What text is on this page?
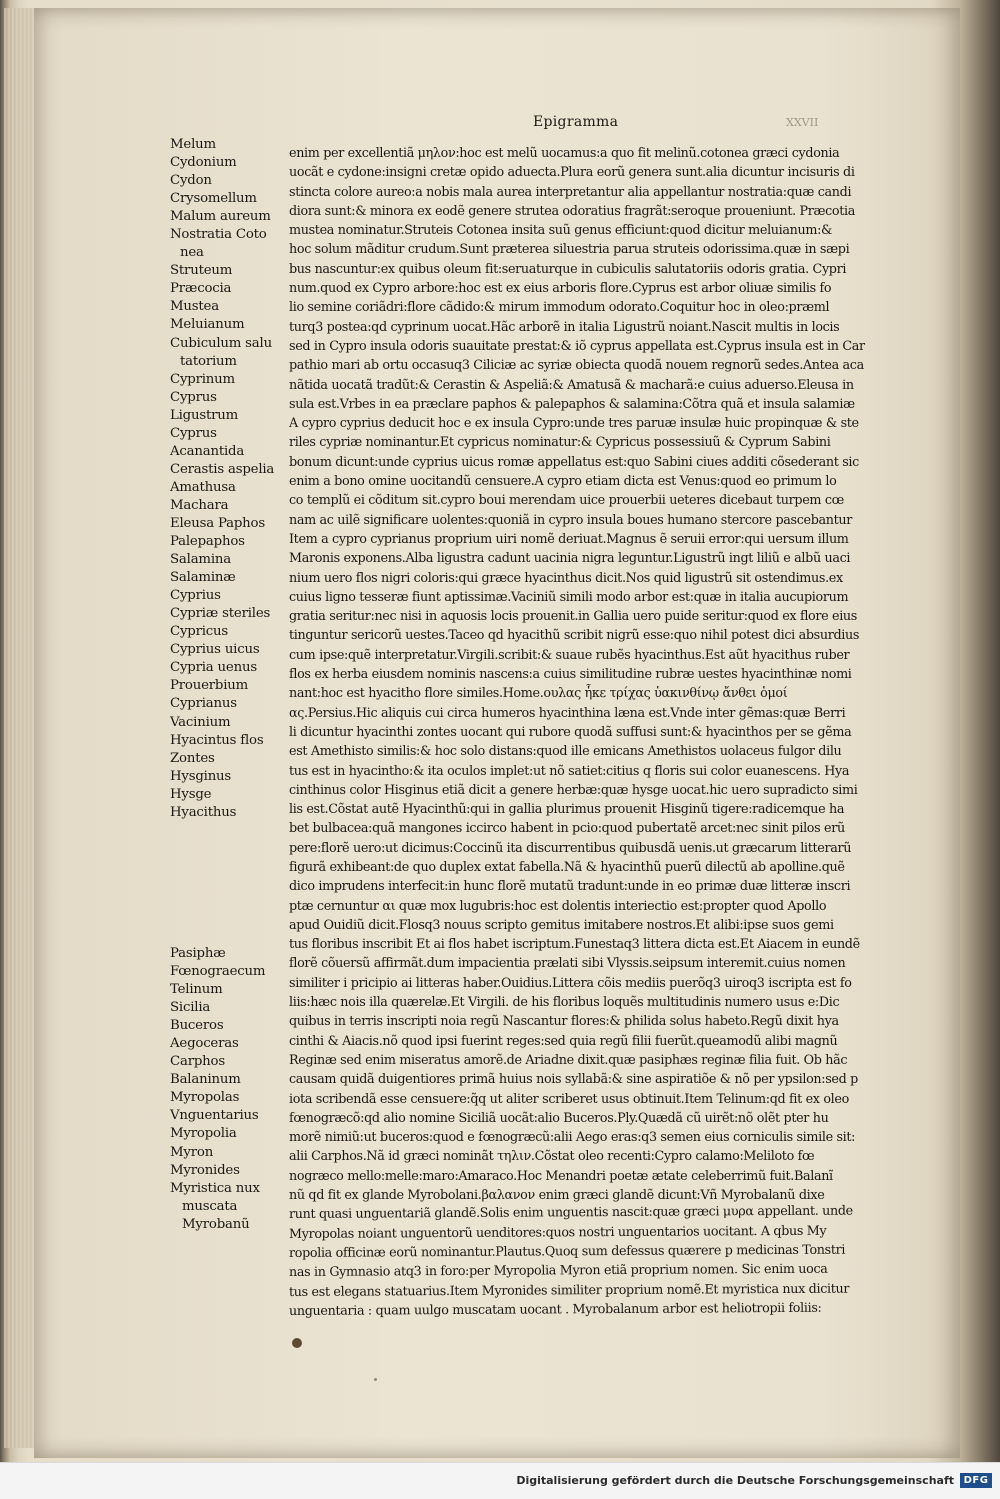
Epigramma	XXVII
Melum
Cydonium
Cydon
Crysomellum
Malum aureum
Nostratia Coto
nea
Struteum
Præcocia
Mustea
Meluianum
Cubiculum salu
tatorium
Cyprinum
Cyprus
Ligustrum
Cyprus
Acanantida
Cerastis aspelia
Amathusa
Machara
Eleusa Paphos
Palepaphos
Salamina
Salaminæ
Cyprius
Cypriæ steriles
Cypricus
Cyprius uicus
Cypria uenus
Prouerbium
Cyprianus
Vacinium
Hyacintus flos
Zontes
Hysginus
Hysge
Hyacithus
Pasiphæ
Fœnograecum
Telinum
Sicilia
Buceros
Aegoceras
Carphos
Balaninum
Myropolas
Vnguentarius
Myropolia
Myron
Myronides
Myristica nux
muscata
Myrobanũ
enim per excellentiã μηλον:hoc est melũ uocamus:a quo fit melinũ.cotonea græci cydonia
uocãt e cydone:insigni cretæ opido aduecta.Plura eorũ genera sunt.alia dicuntur incisuris di
stincta colore aureo:a nobis mala aurea interpretantur alia appellantur nostratia:quæ candi
diora sunt:& minora ex eodẽ genere strutea odoratius fragrãt:seroque proueniunt. Præcotia
mustea nominatur.Struteis Cotonea insita suũ genus efficiunt:quod dicitur meluianum:&
hoc solum mãditur crudum.Sunt præterea siluestria parua struteis odorissima.quæ in sæpi
bus nascuntur:ex quibus oleum fit:seruaturque in cubiculis salutatoriis odoris gratia. Cypri
num.quod ex Cypro arbore:hoc est ex eius arboris flore.Cyprus est arbor oliuæ similis fo
lio semine coriãdri:flore cãdido:& mirum immodum odorato.Coquitur hoc in oleo:præml
turq3 postea:qd cyprinum uocat.Hãc arborẽ in italia Ligustrũ noiant.Nascit multis in locis
sed in Cypro insula odoris suauitate prestat:& iõ cyprus appellata est.Cyprus insula est in Car
pathio mari ab ortu occasuq3 Ciliciæ ac syriæ obiecta quodã nouem regnorũ sedes.Antea aca
nãtida uocatã tradũt:& Cerastin & Aspeliã:& Amatusã & macharã:e cuius aduerso.Eleusa in
sula est.Vrbes in ea præclare paphos & palepaphos & salamina:Cõtra quã et insula salamiæ
A cypro cyprius deducit hoc e ex insula Cypro:unde tres paruæ insulæ huic propinquæ & ste
riles cypriæ nominantur.Et cypricus nominatur:& Cypricus possessiuũ & Cyprum Sabini
bonum dicunt:unde cyprius uicus romæ appellatus est:quo Sabini ciues additi cõsederant sic
enim a bono omine uocitandũ censuere.A cypro etiam dicta est Venus:quod eo primum lo
co templũ ei cõditum sit.cypro boui merendam uice prouerbii ueteres dicebaut turpem cœ
nam ac uilẽ significare uolentes:quoniã in cypro insula boues humano stercore pascebantur
Item a cypro cyprianus proprium uiri nomẽ deriuat.Magnus ẽ seruii error:qui uersum illum
Maronis exponens.Alba ligustra cadunt uacinia nigra leguntur.Ligustrũ ingt liliũ e albũ uaci
nium uero flos nigri coloris:qui græce hyacinthus dicit.Nos quid ligustrũ sit ostendimus.ex
cuius ligno tesseræ fiunt aptissimæ.Vaciniũ simili modo arbor est:quæ in italia aucupiorum
gratia seritur:nec nisi in aquosis locis prouenit.in Gallia uero puide seritur:quod ex flore eius
tinguntur sericorũ uestes.Taceo qd hyacithũ scribit nigrũ esse:quo nihil potest dici absurdius
cum ipse:quẽ interpretatur.Virgili.scribit:& suaue rubẽs hyacinthus.Est aũt hyacithus ruber
flos ex herba eiusdem nominis nascens:a cuius similitudine rubræ uestes hyacinthinæ nomi
nant:hoc est hyacitho flore similes.Home.ουλας ἧκε τρίχας ὑακινθίνῳ ἄνθει ὁμοί
ας.Persius.Hic aliquis cui circa humeros hyacinthina læna est.Vnde inter gẽmas:quæ Berri
li dicuntur hyacinthi zontes uocant qui rubore quodã suffusi sunt:& hyacinthos per se gẽma
est Amethisto similis:& hoc solo distans:quod ille emicans Amethistos uolaceus fulgor dilu
tus est in hyacintho:& ita oculos implet:ut nõ satiet:citius q floris sui color euanescens. Hya
cinthinus color Hisginus etiã dicit a genere herbæ:quæ hysge uocat.hic uero supradicto simi
lis est.Cõstat autẽ Hyacinthũ:qui in gallia plurimus prouenit Hisginũ tigere:radicemque ha
bet bulbacea:quã mangones iccirco habent in pcio:quod pubertatẽ arcet:nec sinit pilos erũ
pere:florẽ uero:ut dicimus:Coccinũ ita discurrentibus quibusdã uenis.ut græcarum litterarũ
figurã exhibeant:de quo duplex extat fabella.Nã & hyacinthũ puerũ dilectũ ab apolline.quẽ
dico imprudens interfecit:in hunc florẽ mutatũ tradunt:unde in eo primæ duæ litteræ inscri
ptæ cernuntur αι quæ mox lugubris:hoc est dolentis interiectio est:propter quod Apollo
apud Ouidiũ dicit.Flosq3 nouus scripto gemitus imitabere nostros.Et alibi:ipse suos gemi
tus floribus inscribit Et ai flos habet iscriptum.Funestaq3 littera dicta est.Et Aiacem in eundẽ
florẽ cõuersũ affirmãt.dum impacientia prælati sibi Vlyssis.seipsum interemit.cuius nomen
similiter i pricipio ai litteras haber.Ouidius.Littera cõis mediis puerõq3 uiroq3 iscripta est fo
liis:hæc nois illa quærelæ.Et Virgili. de his floribus loquẽs multitudinis numero usus e:Dic
quibus in terris inscripti noia regũ Nascantur flores:& philida solus habeto.Regũ dixit hya
cinthi & Aiacis.nõ quod ipsi fuerint reges:sed quia regũ filii fuerũt.queamodũ alibi magnũ
Reginæ sed enim miseratus amorẽ.de Ariadne dixit.quæ pasiphæs reginæ filia fuit. Ob hãc
causam quidã duigentiores primã huius nois syllabã:& sine aspiratiõe & nõ per ypsilon:sed p
iota scribendã esse censuere:q̃q ut aliter scriberet usus obtinuit.Item Telinum:qd fit ex oleo
fœnogræcõ:qd alio nomine Siciliã uocãt:alio Buceros.Ply.Quædã cũ uirẽt:nõ olẽt pter hu
morẽ nimiũ:ut buceros:quod e fœnogræcũ:alii Aego eras:q3 semen eius corniculis simile sit:
alii Carphos.Nã id græci nominãt τηλιν.Cõstat oleo recenti:Cypro calamo:Meliloto fœ
nogræco mello:melle:maro:Amaraco.Hoc Menandri poetæ ætate celeberrimũ fuit.Balanĩ
nũ qd fit ex glande Myrobolani.βαλανον enim græci glandẽ dicunt:Vñ Myrobalanũ dixe
runt quasi unguentariã glandẽ.Solis enim unguentis nascit:quæ græci μυρα appellant. unde
Myropolas noiant unguentorũ uenditores:quos nostri unguentarios uocitant. A qbus My
ropolia officinæ eorũ nominantur.Plautus.Quoq sum defessus quærere p medicinas Tonstri
nas in Gymnasio atq3 in foro:per Myropolia Myron etiã proprium nomen. Sic enim uoca
tus est elegans statuarius.Item Myronides similiter proprium nomẽ.Et myristica nux dicitur
unguentaria : quam uulgo muscatam uocant . Myrobalanum arbor est heliotropii foliis:
Digitalisierung gefördert durch die Deutsche Forschungsgemeinschaft DFG
